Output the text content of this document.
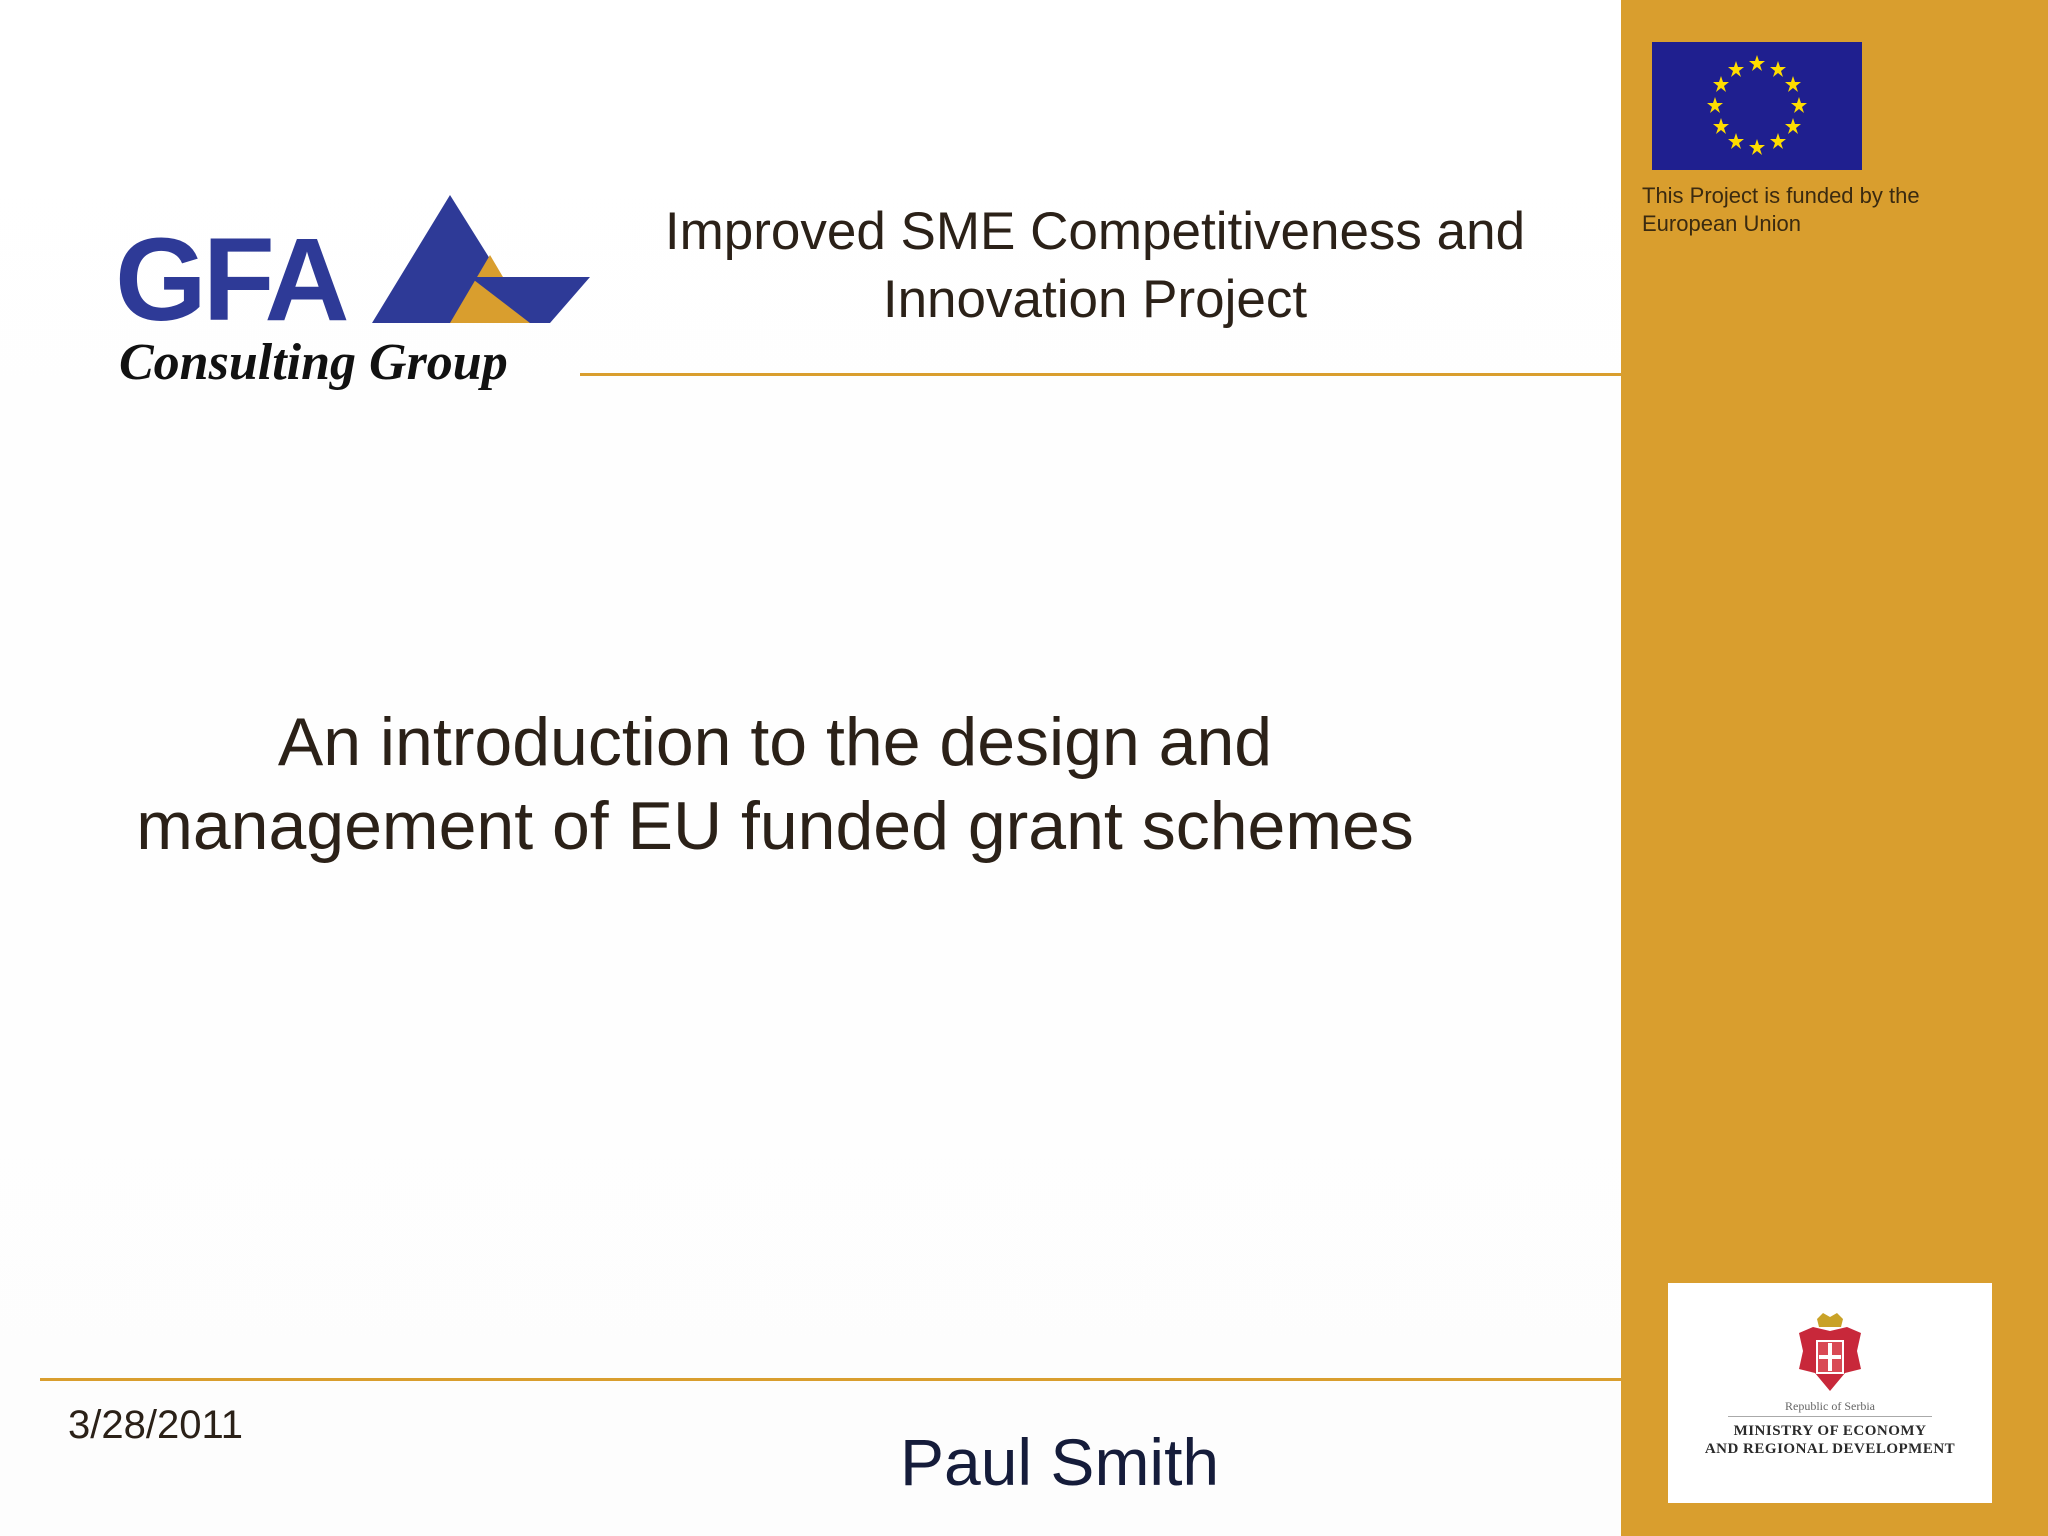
This Project is funded by the European Union
Republic of Serbia
MINISTRY OF ECONOMY
AND REGIONAL DEVELOPMENT
GFA
Consulting Group
Improved SME Competitiveness and
Innovation Project
An introduction to the design and
management of EU funded grant schemes
3/28/2011	Paul Smith
